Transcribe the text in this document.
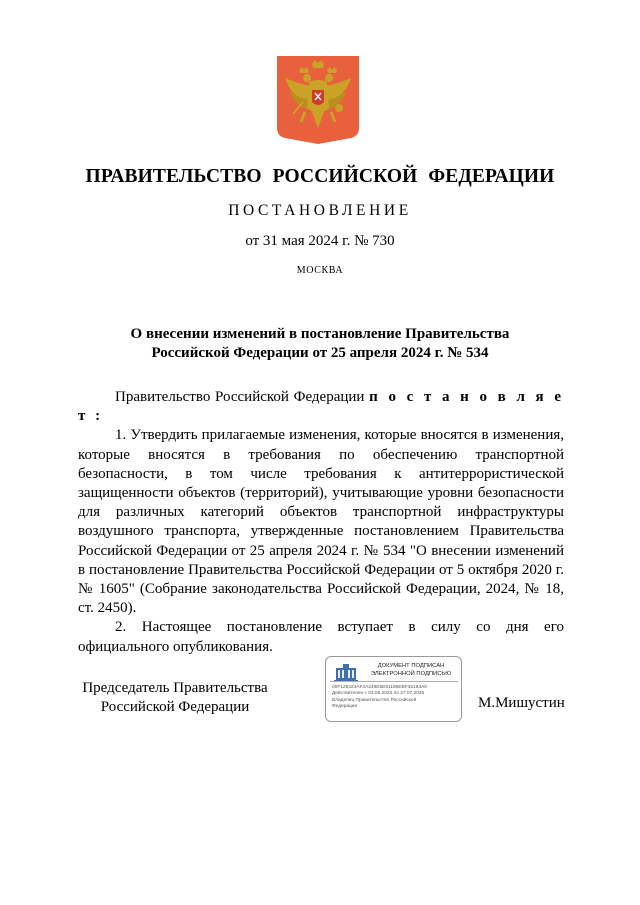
ПРАВИТЕЛЬСТВО РОССИЙСКОЙ ФЕДЕРАЦИИ
ПОСТАНОВЛЕНИЕ
от 31 мая 2024 г. № 730
МОСКВА
О внесении изменений в постановление Правительства
Российской Федерации от 25 апреля 2024 г. № 534

Правительство Российской Федерации п о с т а н о в л я е т :

1. Утвердить прилагаемые изменения, которые вносятся в изменения, которые вносятся в требования по обеспечению транспортной безопасности, в том числе требования к антитеррористической защищенности объектов (территорий), учитывающие уровни безопасности для различных категорий объектов транспортной инфраструктуры воздушного транспорта, утвержденные постановлением Правительства Российской Федерации от 25 апреля 2024 г. № 534 "О внесении изменений в постановление Правительства Российской Федерации от 5 октября 2020 г. № 1605" (Собрание законодательства Российской Федерации, 2024, № 18, ст. 2450).

2. Настоящее постановление вступает в силу со дня его официального опубликования.

Председатель Правительства
Российской Федерации
ДОКУМЕНТ ПОДПИСАН
ЭЛЕКТРОННОЙ ПОДПИСЬЮ
00F128424AF4A248E5E61189EBF35183A8
Действителен с 03.05.2024 по 27.07.2025
Владелец Правительство Российской
Федерации	М.Мишустин
